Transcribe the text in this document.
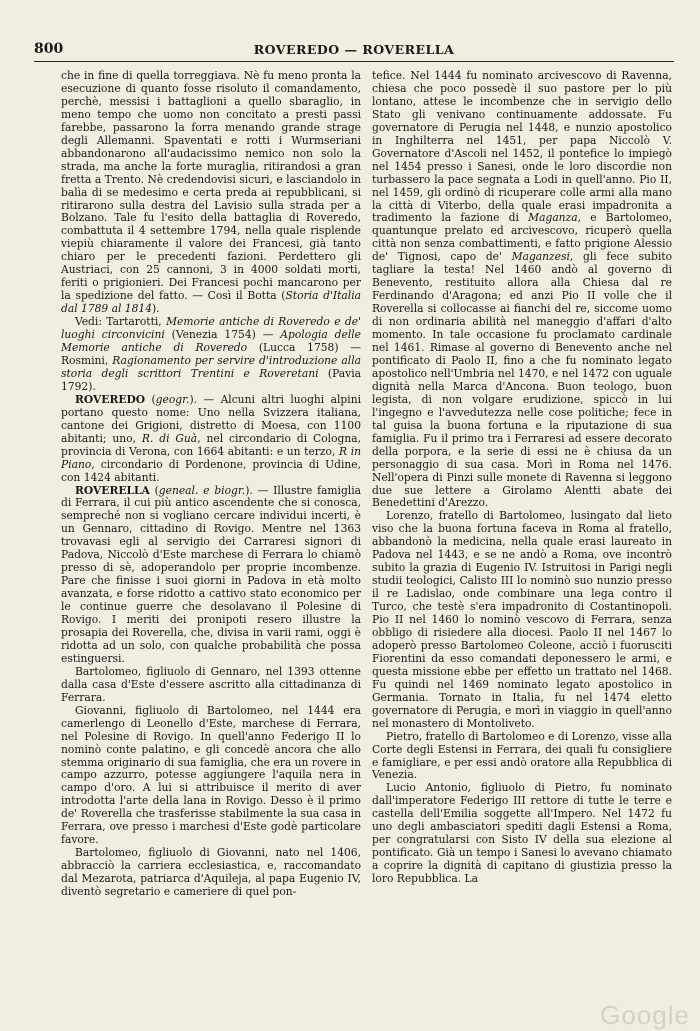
800	ROVEREDO — ROVERELLA

che in fine di quella torreggiava. Nè fu meno pronta la esecuzione di quanto fosse risoluto il comandamento, perchè, messisi i battaglioni a quello sbaraglio, in meno tempo che uomo non concitato a presti passi farebbe, passarono la forra menando grande strage degli Allemanni. Spaventati e rotti i Wurmseriani abbandonarono all'audacissimo nemico non solo la strada, ma anche la forte muraglia, ritirandosi a gran fretta a Trento. Nè credendovisi sicuri, e lasciandolo in balìa di se medesimo e certa preda ai repubblicani, si ritirarono sulla destra del Lavisio sulla strada per a Bolzano. Tale fu l'esito della battaglia di Roveredo, combattuta il 4 settembre 1794, nella quale risplende viepiù chiaramente il valore dei Francesi, già tanto chiaro per le precedenti fazioni. Perdettero gli Austriaci, con 25 cannoni, 3 in 4000 soldati morti, feriti o prigionieri. Dei Francesi pochi mancarono per la spedizione del fatto. — Così il Botta (Storia d'Italia dal 1789 al 1814).

Vedi: Tartarotti, Memorie antiche di Roveredo e de' luoghi circonvicini (Venezia 1754) — Apologia delle Memorie antiche di Roveredo (Lucca 1758) — Rosmini, Ragionamento per servire d'introduzione alla storia degli scrittori Trentini e Roveretani (Pavia 1792).

ROVEREDO (geogr.). — Alcuni altri luoghi alpini portano questo nome: Uno nella Svizzera italiana, cantone dei Grigioni, distretto di Moesa, con 1100 abitanti; uno, R. di Guà, nel circondario di Cologna, provincia di Verona, con 1664 abitanti: e un terzo, R in Piano, circondario di Pordenone, provincia di Udine, con 1424 abitanti.

ROVERELLA (geneal. e biogr.). — Illustre famiglia di Ferrara, il cui più antico ascendente che si conosca, sempreché non si vogliano cercare individui incerti, è un Gennaro, cittadino di Rovigo. Mentre nel 1363 trovavasi egli al servigio dei Carraresi signori di Padova, Niccolò d'Este marchese di Ferrara lo chiamò presso di sè, adoperandolo per proprie incombenze. Pare che finisse i suoi giorni in Padova in età molto avanzata, e forse ridotto a cattivo stato economico per le continue guerre che desolavano il Polesine di Rovigo. I meriti dei pronipoti resero illustre la prosapia dei Roverella, che, divisa in varii rami, oggi è ridotta ad un solo, con qualche probabilità che possa estinguersi.

Bartolomeo, figliuolo di Gennaro, nel 1393 ottenne dalla casa d'Este d'essere ascritto alla cittadinanza di Ferrara.

Giovanni, figliuolo di Bartolomeo, nel 1444 era camerlengo di Leonello d'Este, marchese di Ferrara, nel Polesine di Rovigo. In quell'anno Federigo II lo nominò conte palatino, e gli concedè ancora che allo stemma originario di sua famiglia, che era un rovere in campo azzurro, potesse aggiungere l'aquila nera in campo d'oro. A lui si attribuisce il merito di aver introdotta l'arte della lana in Rovigo. Desso è il primo de' Roverella che trasferisse stabilmente la sua casa in Ferrara, ove presso i marchesi d'Este godè particolare favore.

Bartolomeo, figliuolo di Giovanni, nato nel 1406, abbracciò la carriera ecclesiastica, e, raccomandato dal Mezarota, patriarca d'Aquileja, al papa Eugenio IV, diventò segretario e cameriere di quel pon-

tefice. Nel 1444 fu nominato arcivescovo di Ravenna, chiesa che poco possedè il suo pastore per lo più lontano, attese le incombenze che in servigio dello Stato gli venivano continuamente addossate. Fu governatore di Perugia nel 1448, e nunzio apostolico in Inghilterra nel 1451, per papa Niccolò V. Governatore d'Ascoli nel 1452, il pontefice lo impiegò nel 1454 presso i Sanesi, onde le loro discordie non turbassero la pace segnata a Lodi in quell'anno. Pio II, nel 1459, gli ordinò di ricuperare colle armi alla mano la città di Viterbo, della quale erasi impadronita a tradimento la fazione di Maganza, e Bartolomeo, quantunque prelato ed arcivescovo, ricuperò quella città non senza combattimenti, e fatto prigione Alessio de' Tignosi, capo de' Maganzesi, gli fece subito tagliare la testa! Nel 1460 andò al governo di Benevento, restituito allora alla Chiesa dal re Ferdinando d'Aragona; ed anzi Pio II volle che il Roverella si collocasse ai fianchi del re, siccome uomo di non ordinaria abilità nel maneggio d'affari d'alto momento. In tale occasione fu proclamato cardinale nel 1461. Rimase al governo di Benevento anche nel pontificato di Paolo II, fino a che fu nominato legato apostolico nell'Umbria nel 1470, e nel 1472 con uguale dignità nella Marca d'Ancona. Buon teologo, buon legista, di non volgare erudizione, spiccò in lui l'ingegno e l'avvedutezza nelle cose politiche; fece in tal guisa la buona fortuna e la riputazione di sua famiglia. Fu il primo tra i Ferraresi ad essere decorato della porpora, e la serie di essi ne è chiusa da un personaggio di sua casa. Morì in Roma nel 1476. Nell'opera di Pinzi sulle monete di Ravenna si leggono due sue lettere a Girolamo Alentti abate dei Benedettini d'Arezzo.

Lorenzo, fratello di Bartolomeo, lusingato dal lieto viso che la buona fortuna faceva in Roma al fratello, abbandonò la medicina, nella quale erasi laureato in Padova nel 1443, e se ne andò a Roma, ove incontrò subito la grazia di Eugenio IV. Istruitosi in Parigi negli studii teologici, Calisto III lo nominò suo nunzio presso il re Ladislao, onde combinare una lega contro il Turco, che testè s'era impadronito di Costantinopoli. Pio II nel 1460 lo nominò vescovo di Ferrara, senza obbligo di risiedere alla diocesi. Paolo II nel 1467 lo adoperò presso Bartolomeo Coleone, acciò i fuorusciti Fiorentini da esso comandati deponessero le armi, e questa missione ebbe per effetto un trattato nel 1468. Fu quindi nel 1469 nominato legato apostolico in Germania. Tornato in Italia, fu nel 1474 eletto governatore di Perugia, e morì in viaggio in quell'anno nel monastero di Montoliveto.

Pietro, fratello di Bartolomeo e di Lorenzo, visse alla Corte degli Estensi in Ferrara, dei quali fu consigliere e famigliare, e per essi andò oratore alla Repubblica di Venezia.

Lucio Antonio, figliuolo di Pietro, fu nominato dall'imperatore Federigo III rettore di tutte le terre e castella dell'Emilia soggette all'Impero. Nel 1472 fu uno degli ambasciatori spediti dagli Estensi a Roma, per congratularsi con Sisto IV della sua elezione al pontificato. Già un tempo i Sanesi lo avevano chiamato a coprire la dignità di capitano di giustizia presso la loro Repubblica. La

Google
